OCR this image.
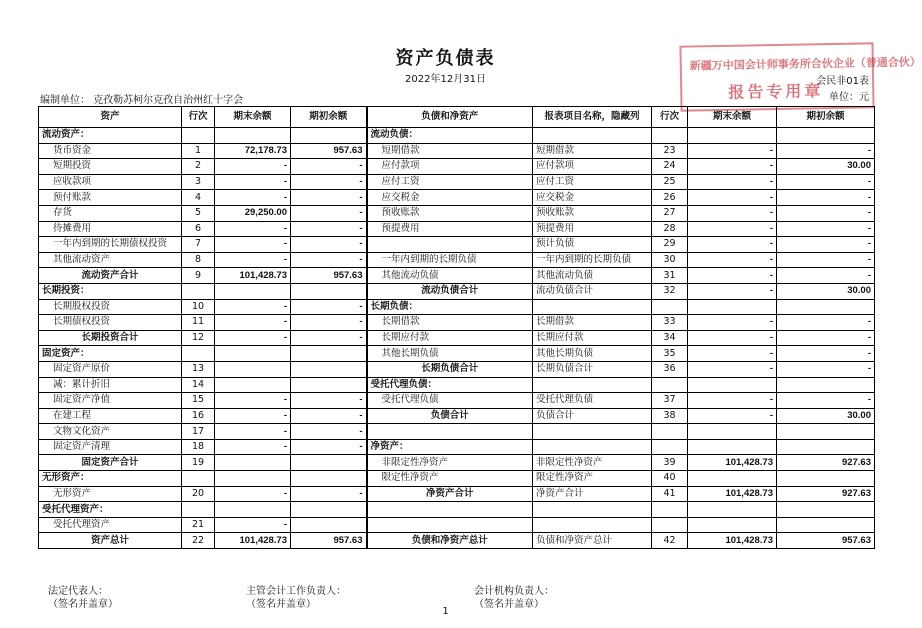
资产负债表
2022年12月31日
编制单位： 克孜勒苏柯尔克孜自治州红十字会
会民非01表
单位：元
新疆万中国会计师事务所合伙企业（普通合伙）
报告专用章
资产	行次	期末余额	期初余额	负债和净资产	报表项目名称，隐藏列	行次	期末余额	期初余额
流动资产：				流动负债：				
货币资金	1	72,178.73	957.63	短期借款	短期借款	23	-	-
短期投资	2	-	-	应付款项	应付款项	24	-	30.00
应收款项	3	-	-	应付工资	应付工资	25	-	-
预付账款	4	-	-	应交税金	应交税金	26	-	-
存货	5	29,250.00	-	预收账款	预收账款	27	-	-
待摊费用	6	-	-	预提费用	预提费用	28	-	-
一年内到期的长期债权投资	7	-	-		预计负债	29	-	-
其他流动资产	8	-	-	一年内到期的长期负债	一年内到期的长期负债	30	-	-
流动资产合计	9	101,428.73	957.63	其他流动负债	其他流动负债	31	-	-
长期投资：				流动负债合计	流动负债合计	32	-	30.00
长期股权投资	10	-	-	长期负债：				
长期债权投资	11	-	-	长期借款	长期借款	33	-	-
长期投资合计	12	-	-	长期应付款	长期应付款	34	-	-
固定资产：				其他长期负债	其他长期负债	35	-	-
固定资产原价	13			长期负债合计	长期负债合计	36	-	-
减：累计折旧	14			受托代理负债：				
固定资产净值	15	-	-	受托代理负债	受托代理负债	37	-	-
在建工程	16	-	-	负债合计	负债合计	38	-	30.00
文物文化资产	17	-	-					
固定资产清理	18	-	-	净资产：				
固定资产合计	19			非限定性净资产	非限定性净资产	39	101,428.73	927.63
无形资产：				限定性净资产	限定性净资产	40		
无形资产	20	-	-	净资产合计	净资产合计	41	101,428.73	927.63
受托代理资产：								
受托代理资产	21	-						
资产总计	22	101,428.73	957.63	负债和净资产总计	负债和净资产总计	42	101,428.73	957.63
法定代表人：
（签名并盖章）
主管会计工作负责人：
（签名并盖章）
会计机构负责人：
（签名并盖章）
1
